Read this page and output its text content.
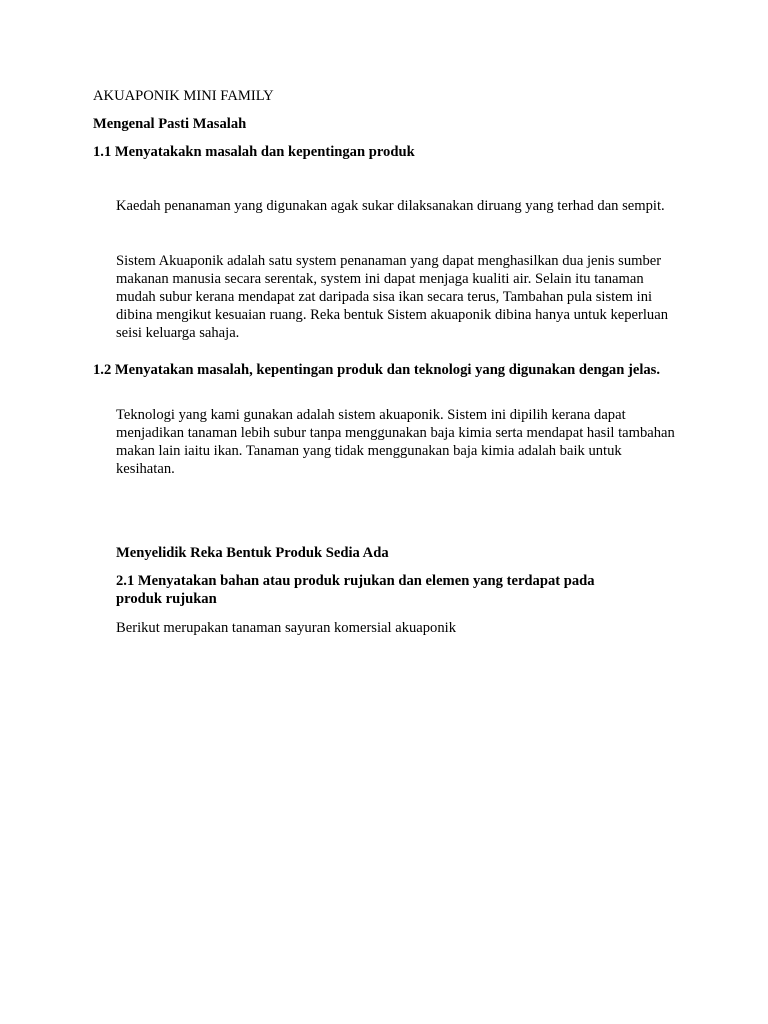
AKUAPONIK MINI FAMILY

Mengenal Pasti Masalah

1.1 Menyatakakn masalah dan kepentingan produk

Kaedah penanaman yang digunakan agak sukar dilaksanakan diruang yang terhad dan sempit.

Sistem Akuaponik adalah satu system penanaman yang dapat menghasilkan dua jenis sumber makanan manusia secara serentak, system ini dapat menjaga kualiti air. Selain itu tanaman mudah subur kerana mendapat zat daripada sisa ikan secara terus, Tambahan pula sistem ini dibina mengikut kesuaian ruang. Reka bentuk Sistem akuaponik dibina hanya untuk keperluan seisi keluarga sahaja.

1.2 Menyatakan masalah, kepentingan produk dan teknologi yang digunakan dengan jelas.

Teknologi yang kami gunakan adalah sistem akuaponik. Sistem ini dipilih kerana dapat menjadikan tanaman lebih subur tanpa menggunakan baja kimia serta mendapat hasil tambahan makan lain iaitu ikan. Tanaman yang tidak menggunakan baja kimia adalah baik untuk kesihatan.

Menyelidik Reka Bentuk Produk Sedia Ada

2.1 Menyatakan bahan atau produk rujukan dan elemen yang terdapat pada produk rujukan

Berikut merupakan tanaman sayuran komersial akuaponik
